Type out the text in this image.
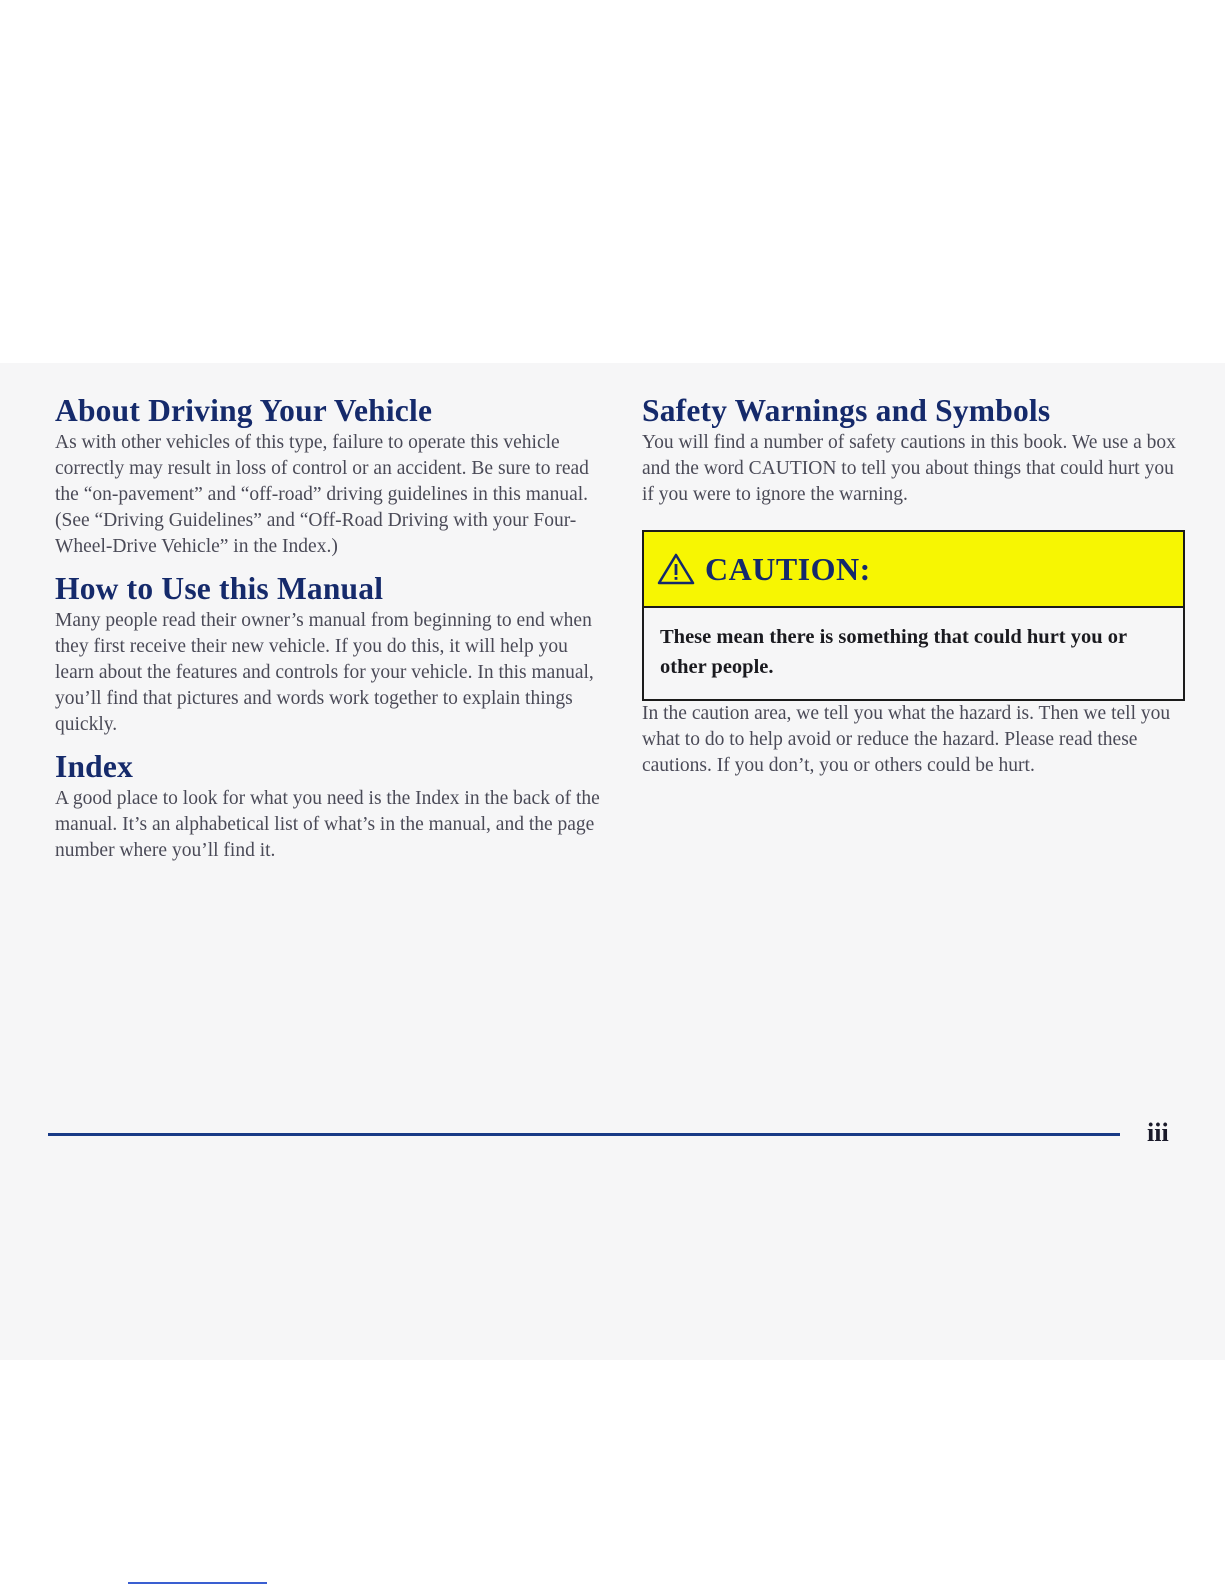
About Driving Your Vehicle

As with other vehicles of this type, failure to operate this vehicle correctly may result in loss of control or an accident. Be sure to read the “on-pavement” and “off-road” driving guidelines in this manual. (See “Driving Guidelines” and “Off-Road Driving with your Four-Wheel-Drive Vehicle” in the Index.)

How to Use this Manual

Many people read their owner’s manual from beginning to end when they first receive their new vehicle. If you do this, it will help you learn about the features and controls for your vehicle. In this manual, you’ll find that pictures and words work together to explain things quickly.

Index

A good place to look for what you need is the Index in the back of the manual. It’s an alphabetical list of what’s in the manual, and the page number where you’ll find it.

Safety Warnings and Symbols

You will find a number of safety cautions in this book. We use a box and the word CAUTION to tell you about things that could hurt you if you were to ignore the warning.

CAUTION:
These mean there is something that could hurt you or other people.

In the caution area, we tell you what the hazard is. Then we tell you what to do to help avoid or reduce the hazard. Please read these cautions. If you don’t, you or others could be hurt.

iii
